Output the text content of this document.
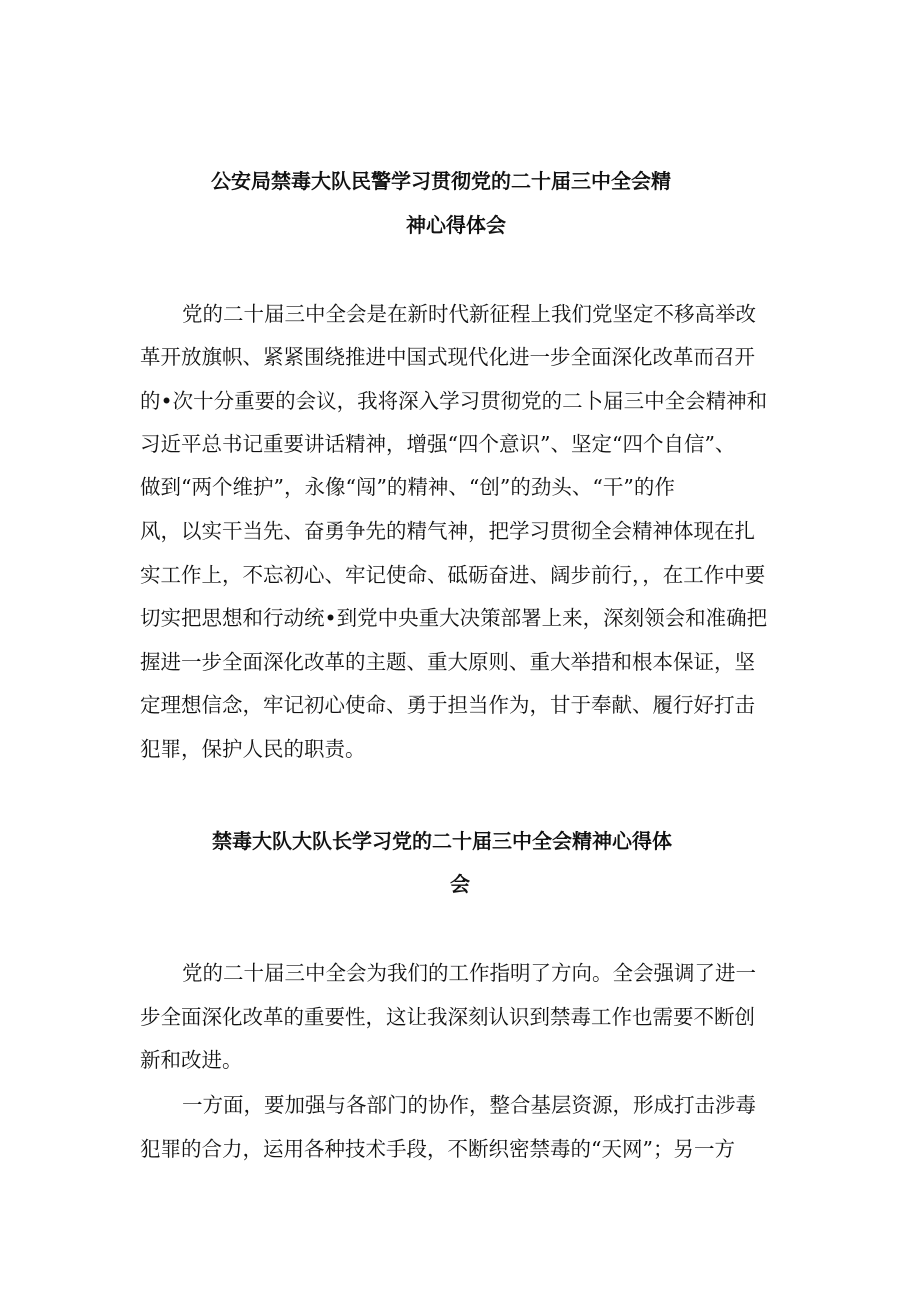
公安局禁毒大队民警学习贯彻党的二十届三中全会精
神心得体会
党的二十届三中全会是在新时代新征程上我们党坚定不移高举改
革开放旗帜、紧紧围绕推进中国式现代化进一步全面深化改革而召开
的•次十分重要的会议，我将深入学习贯彻党的二卜届三中全会精神和
习近平总书记重要讲话精神，增强“四个意识”、坚定“四个自信”、
做到“两个维护”，永像“闯”的精神、“创”的劲头、“干”的作
风，以实干当先、奋勇争先的精气神，把学习贯彻全会精神体现在扎
实工作上，不忘初心、牢记使命、砥砺奋进、阔步前行，，在工作中要
切实把思想和行动统•到党中央重大决策部署上来，深刻领会和准确把
握进一步全面深化改革的主题、重大原则、重大举措和根本保证，坚
定理想信念，牢记初心使命、勇于担当作为，甘于奉献、履行好打击
犯罪，保护人民的职责。
禁毒大队大队长学习党的二十届三中全会精神心得体
会
党的二十届三中全会为我们的工作指明了方向。全会强调了进一
步全面深化改革的重要性，这让我深刻认识到禁毒工作也需要不断创
新和改进。
一方面，要加强与各部门的协作，整合基层资源，形成打击涉毒
犯罪的合力，运用各种技术手段，不断织密禁毒的“天网”；另一方
